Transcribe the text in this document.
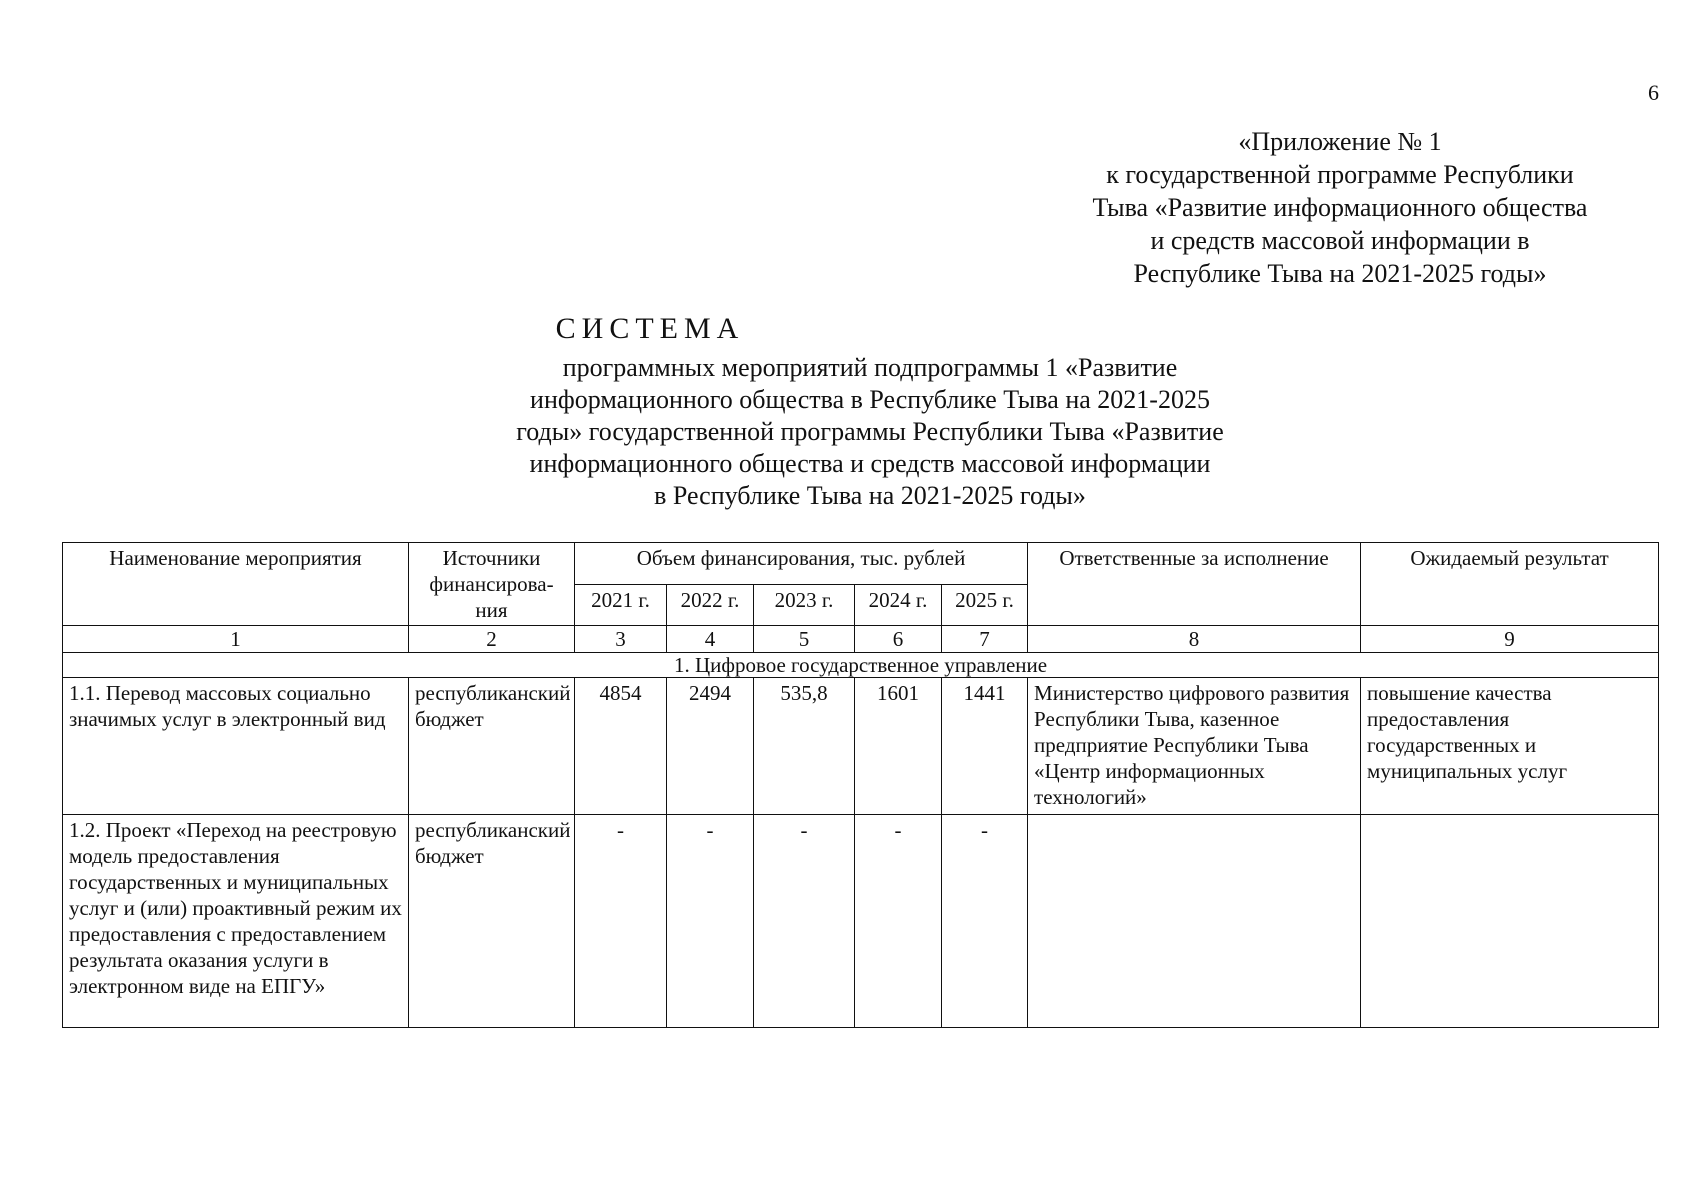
6
«Приложение № 1
к государственной программе Республики
Тыва «Развитие информационного общества
и средств массовой информации в
Республике Тыва на 2021-2025 годы»
СИСТЕМА
программных мероприятий подпрограммы 1 «Развитие
информационного общества в Республике Тыва на 2021-2025
годы» государственной программы Республики Тыва «Развитие
информационного общества и средств массовой информации
в Республике Тыва на 2021-2025 годы»
Наименование мероприятия	Источники финансирова-ния	Объем финансирования, тыс. рублей					Ответственные за исполнение	Ожидаемый результат
		2021 г.	2022 г.	2023 г.	2024 г.	2025 г.		
1	2	3	4	5	6	7	8	9
1. Цифровое государственное управление								
1.1. Перевод массовых социально значимых услуг в электронный вид	республиканский бюджет	4854	2494	535,8	1601	1441	Министерство цифрового развития Республики Тыва, казенное предприятие Республики Тыва «Центр информационных технологий»	повышение качества предоставления государственных и муниципальных услуг
1.2. Проект «Переход на реестровую модель предоставления государственных и муниципальных услуг и (или) проактивный режим их предоставления с предоставлением результата оказания услуги в электронном виде на ЕПГУ»	республиканский бюджет	-	-	-	-	-		
